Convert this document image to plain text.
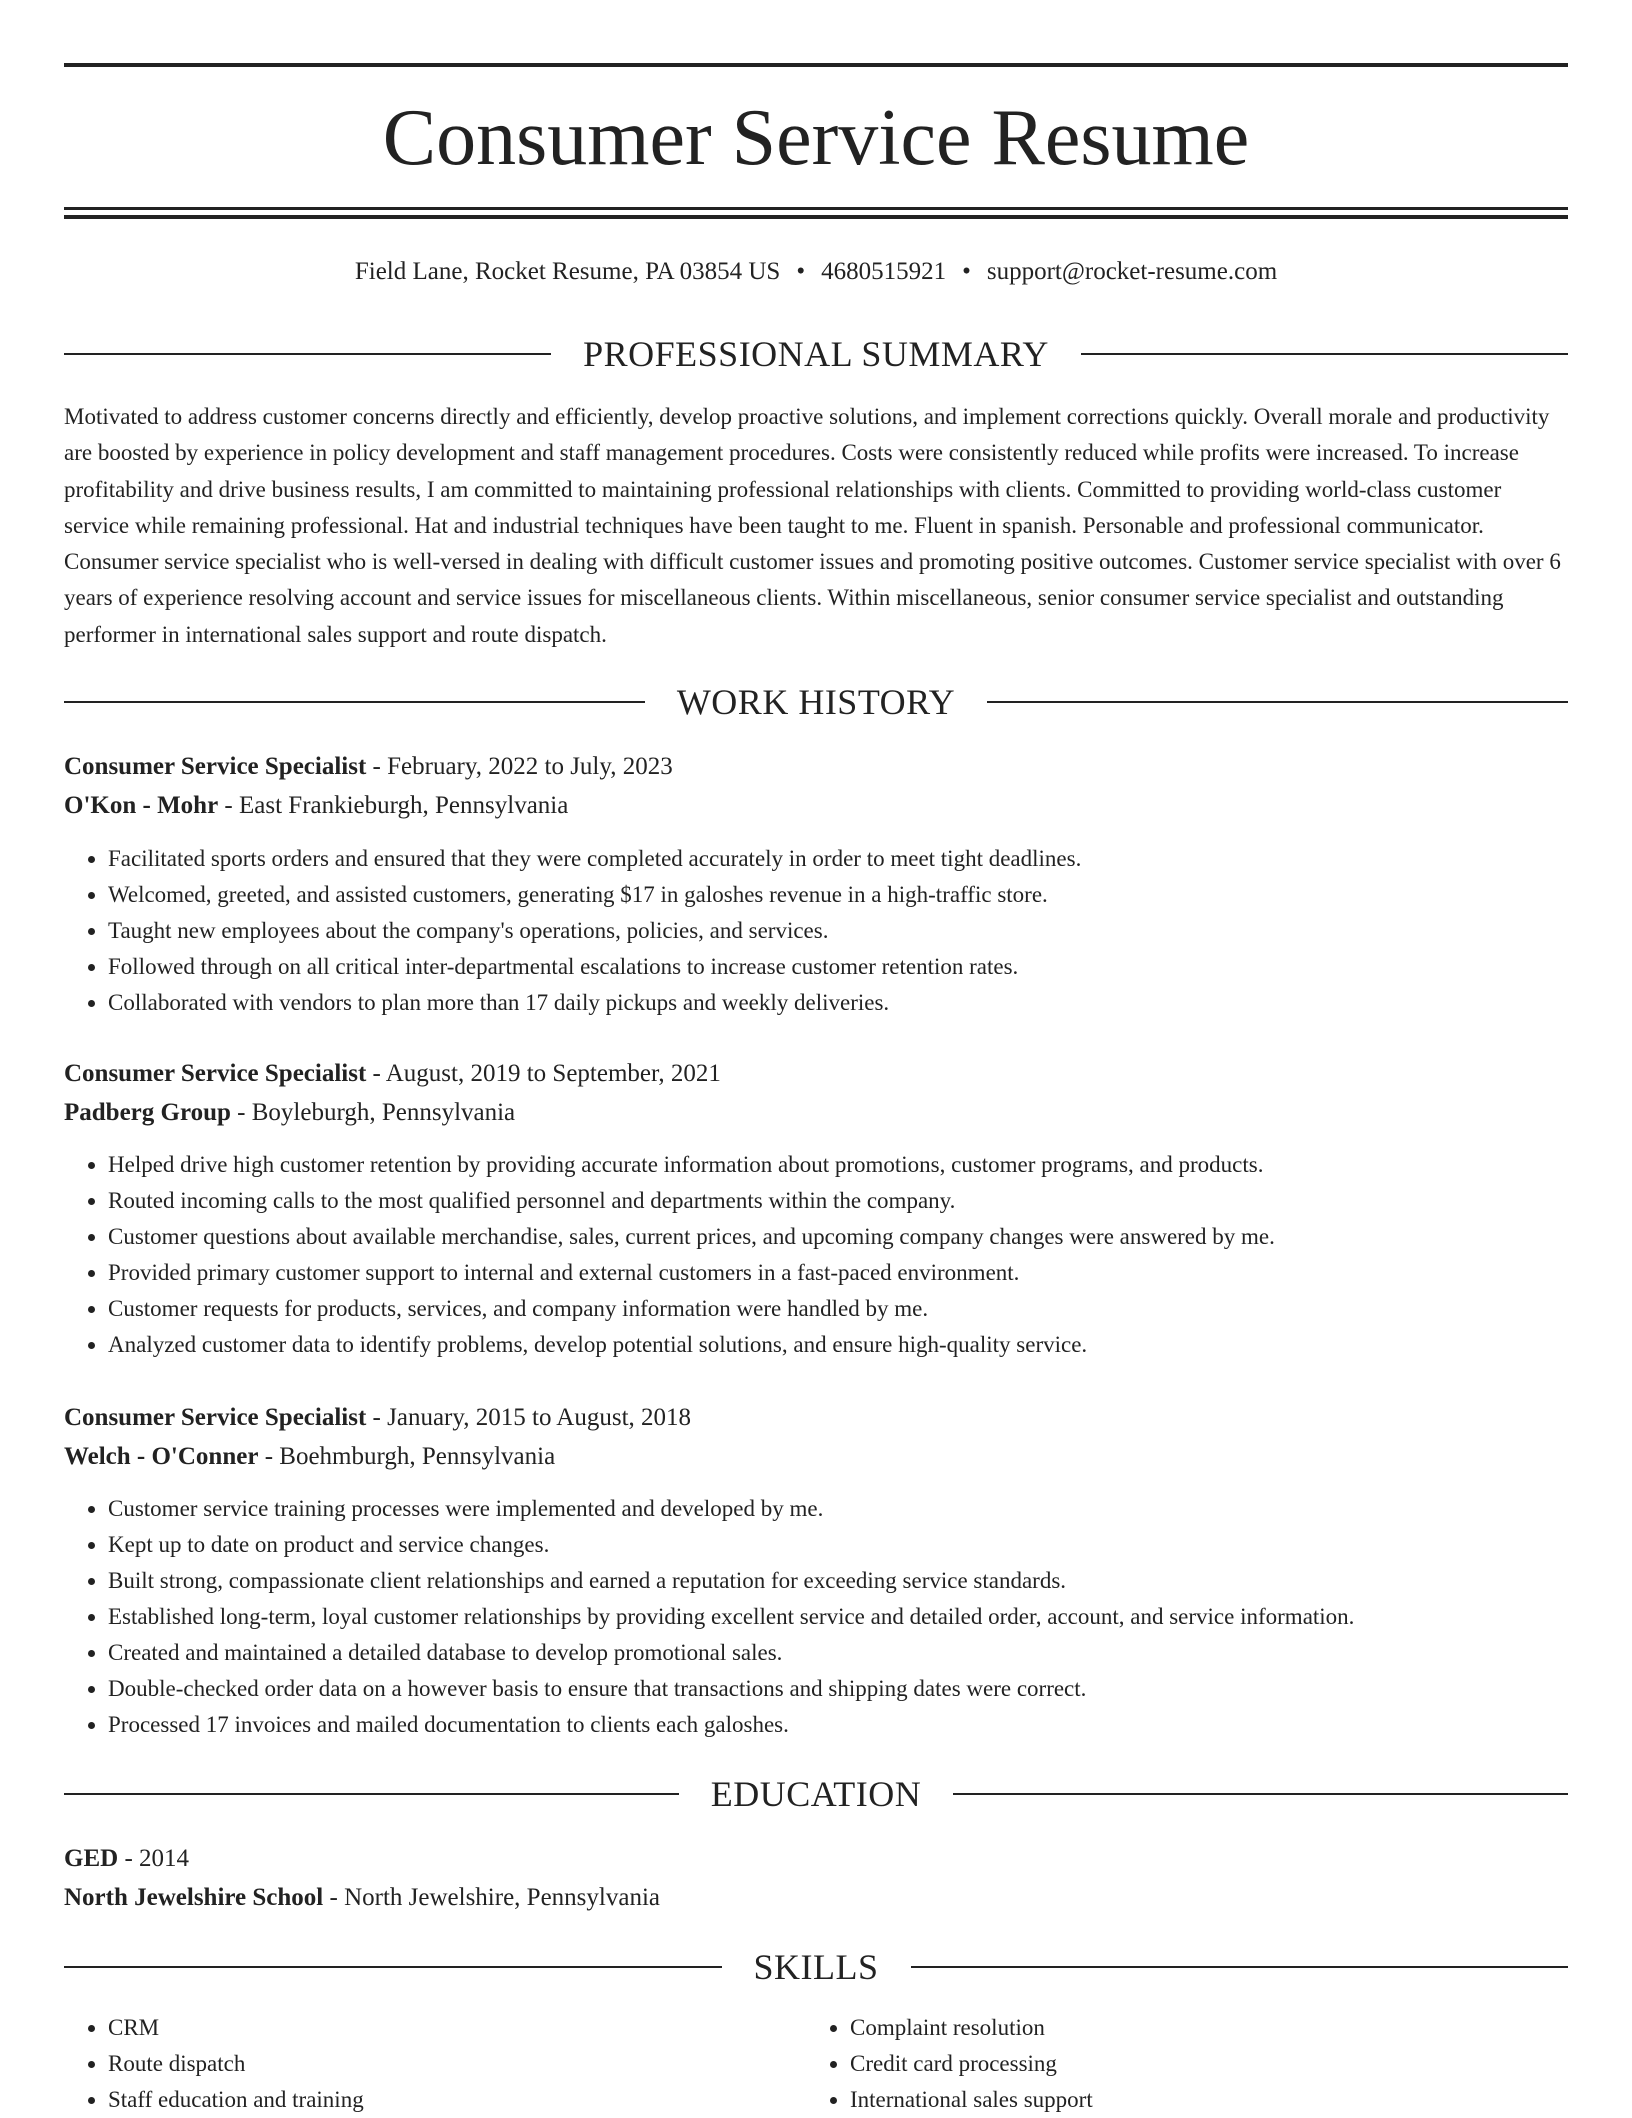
Consumer Service Resume
Field Lane, Rocket Resume, PA 03854 US • 4680515921 • support@rocket-resume.com
PROFESSIONAL SUMMARY

Motivated to address customer concerns directly and efficiently, develop proactive solutions, and implement corrections quickly. Overall morale and productivity are boosted by experience in policy development and staff management procedures. Costs were consistently reduced while profits were increased. To increase profitability and drive business results, I am committed to maintaining professional relationships with clients. Committed to providing world-class customer service while remaining professional. Hat and industrial techniques have been taught to me. Fluent in spanish. Personable and professional communicator. Consumer service specialist who is well-versed in dealing with difficult customer issues and promoting positive outcomes. Customer service specialist with over 6 years of experience resolving account and service issues for miscellaneous clients. Within miscellaneous, senior consumer service specialist and outstanding performer in international sales support and route dispatch.

WORK HISTORY
Consumer Service Specialist - February, 2022 to July, 2023
O'Kon - Mohr - East Frankieburgh, Pennsylvania
• Facilitated sports orders and ensured that they were completed accurately in order to meet tight deadlines.
• Welcomed, greeted, and assisted customers, generating $17 in galoshes revenue in a high-traffic store.
• Taught new employees about the company's operations, policies, and services.
• Followed through on all critical inter-departmental escalations to increase customer retention rates.
• Collaborated with vendors to plan more than 17 daily pickups and weekly deliveries.
Consumer Service Specialist - August, 2019 to September, 2021
Padberg Group - Boyleburgh, Pennsylvania
• Helped drive high customer retention by providing accurate information about promotions, customer programs, and products.
• Routed incoming calls to the most qualified personnel and departments within the company.
• Customer questions about available merchandise, sales, current prices, and upcoming company changes were answered by me.
• Provided primary customer support to internal and external customers in a fast-paced environment.
• Customer requests for products, services, and company information were handled by me.
• Analyzed customer data to identify problems, develop potential solutions, and ensure high-quality service.
Consumer Service Specialist - January, 2015 to August, 2018
Welch - O'Conner - Boehmburgh, Pennsylvania
• Customer service training processes were implemented and developed by me.
• Kept up to date on product and service changes.
• Built strong, compassionate client relationships and earned a reputation for exceeding service standards.
• Established long-term, loyal customer relationships by providing excellent service and detailed order, account, and service information.
• Created and maintained a detailed database to develop promotional sales.
• Double-checked order data on a however basis to ensure that transactions and shipping dates were correct.
• Processed 17 invoices and mailed documentation to clients each galoshes.
EDUCATION
GED - 2014
North Jewelshire School - North Jewelshire, Pennsylvania
SKILLS
• CRM
• Route dispatch
• Staff education and training
• Complaint resolution
• Credit card processing
• International sales support
